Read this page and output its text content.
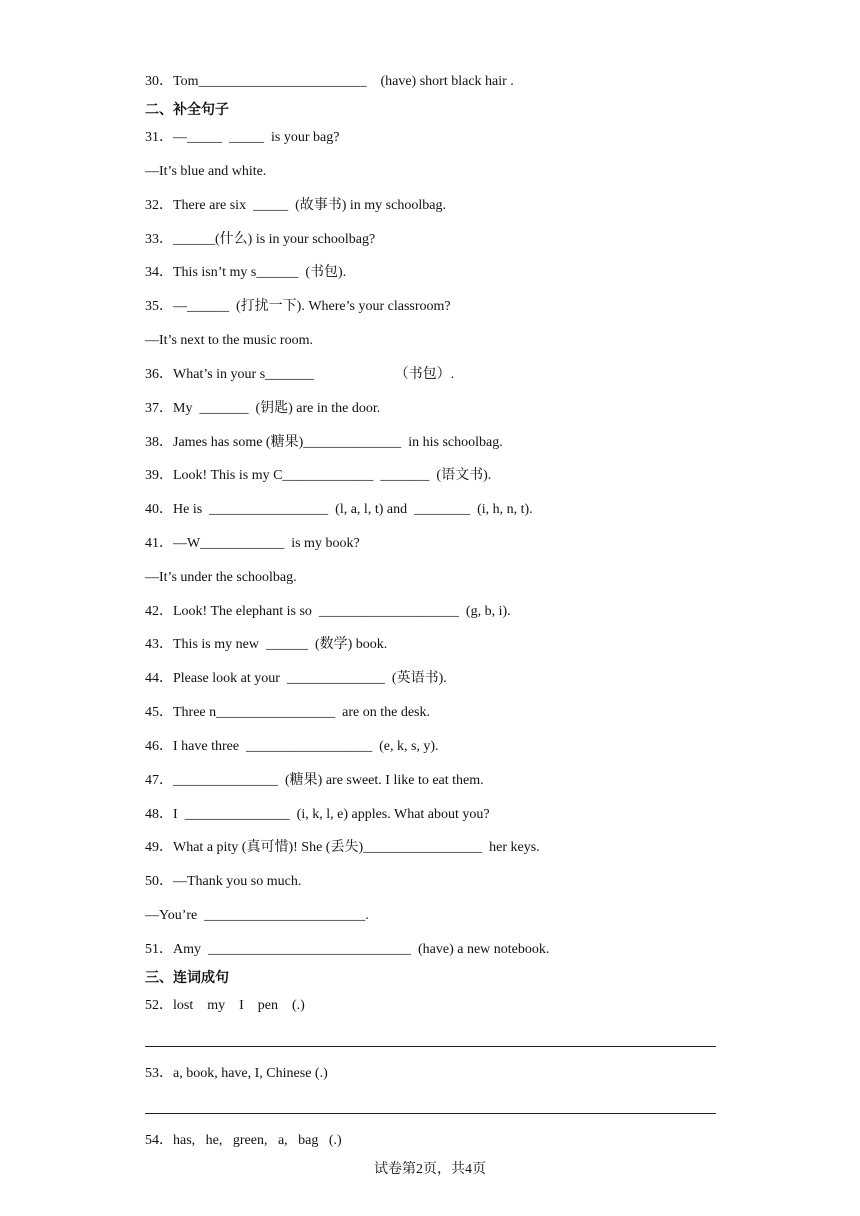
30．Tom________________________    (have) short black hair .
二、补全句子
31．—_____  _____  is your bag?
—It’s blue and white.
32．There are six  _____  (故事书) in my schoolbag.
33．______(什么) is in your schoolbag?
34．This isn’t my s______  (书包).
35．—______  (打扰一下). Where’s your classroom?
—It’s next to the music room.
36．What’s in your s_______                       （书包）.
37．My  _______  (钥匙) are in the door.
38．James has some (糖果)______________  in his schoolbag.
39．Look! This is my C_____________  _______  (语文书).
40．He is  _________________  (l, a, l, t) and  ________  (i, h, n, t).
41．—W____________  is my book?
—It’s under the schoolbag.
42．Look! The elephant is so  ____________________  (g, b, i).
43．This is my new  ______  (数学) book.
44．Please look at your  ______________  (英语书).
45．Three n_________________  are on the desk.
46．I have three  __________________  (e, k, s, y).
47．_______________  (糖果) are sweet. I like to eat them.
48．I  _______________  (i, k, l, e) apples. What about you?
49．What a pity (真可惜)! She (丢失)_________________  her keys.
50．—Thank you so much.
—You’re  _______________________.
51．Amy  _____________________________  (have) a new notebook.
三、连词成句
52．lost    my    I    pen    (.)
53．a, book, have, I, Chinese (.)
54．has,   he,   green,   a,   bag   (.)
试卷第2页，共4页
